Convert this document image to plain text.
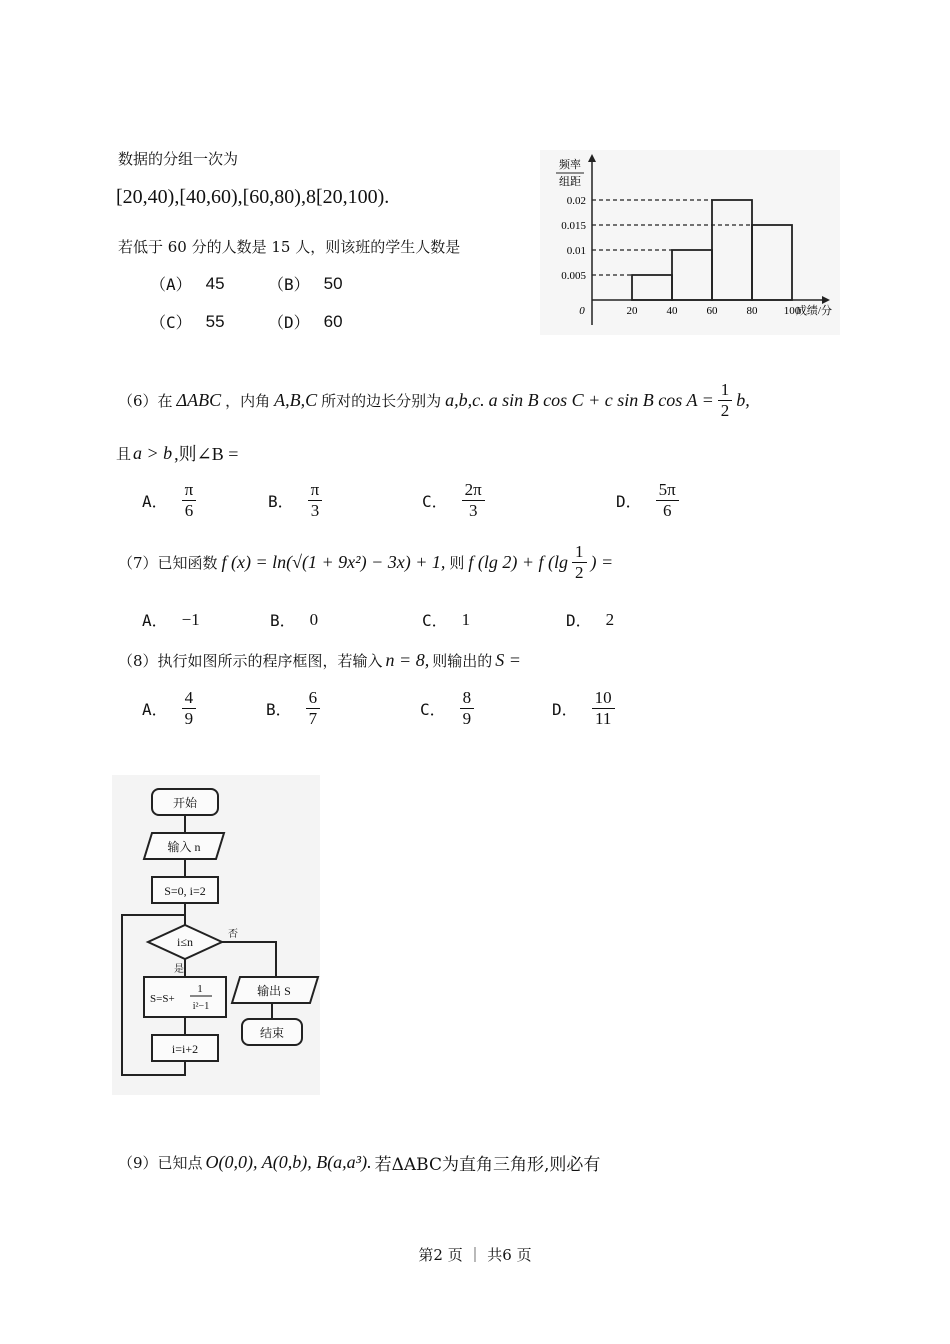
数据的分组一次为
[20,40),[40,60),[60,80),8[20,100).
若低于 60 分的人数是 15 人，则该班的学生人数是
（A） 45	（B） 50
（C） 55	（D） 60
频率
组距
0	成绩/分
20	40	60	80 100
0.005
0.01
0.015
0.02
（6）在 ΔABC ，内角 A,B,C 所对的边长分别为 a,b,c. a sin B cos C + c sin B $\cos A = \frac{1}{2} b$,
且 a > b ,则∠B =
A． $\frac{\pi}{6}$	B． $\frac{\pi}{3}$	C． $\frac{2\pi}{3}$	D． $\frac{5\pi}{6}$
（7）已知函数 f (x) = ln(√(1 + 9x²) − 3x) + 1, 则 f (lg 2) + f ($\lg \frac{1}{2}$ ) =
A． −1	B． 0	C． 1	D． 2
（8）执行如图所示的程序框图，若输入 n = 8, 则输出的 S =
A． $\frac{4}{9}$	B． $\frac{6}{7}$	C． $\frac{8}{9}$	D． $\frac{10}{11}$
开始
输入 n
S=0, i=2
i≤n
是
否
S=S+
1
i²−1
输出 S
结束
i=i+2
（9）已知点 O(0,0), A(0,b), B(a,a³). 若ΔABC为直角三角形,则必有
第2 页 ｜ 共6 页
